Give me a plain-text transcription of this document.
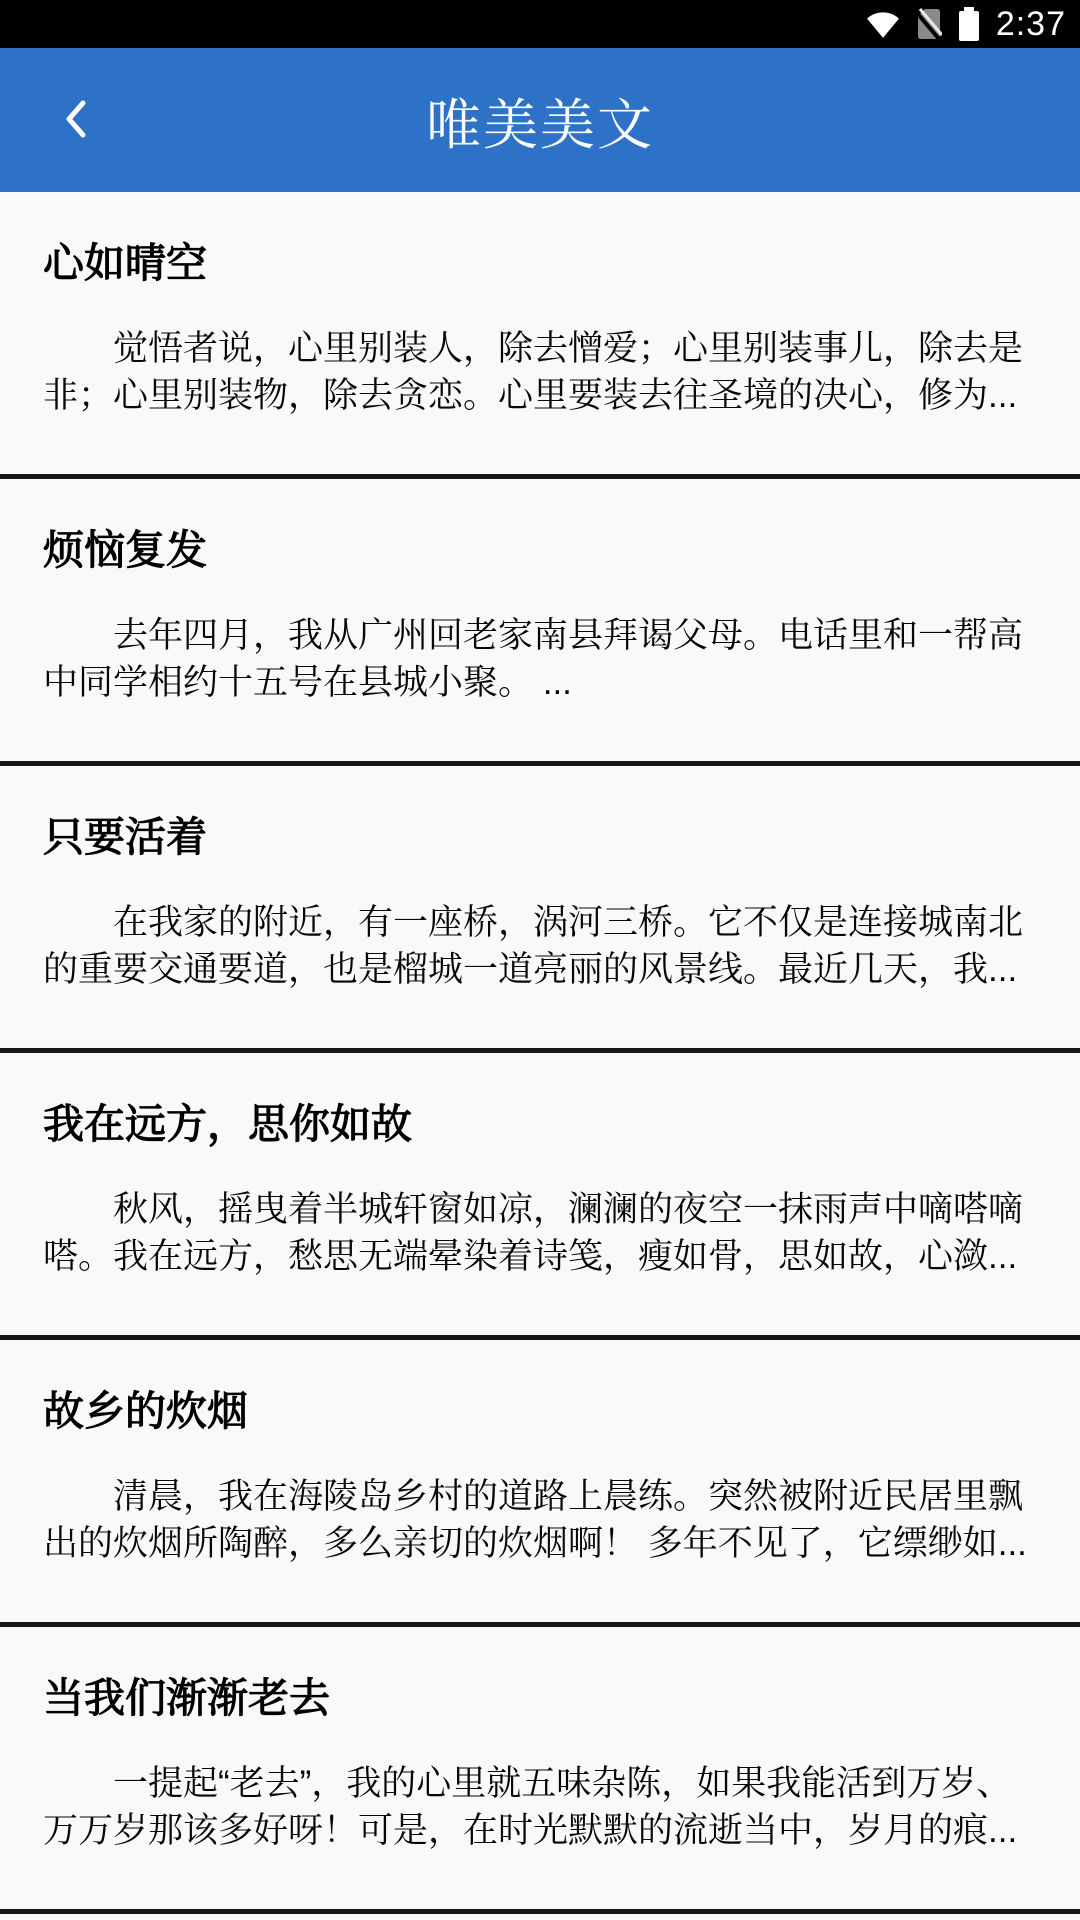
2:37
唯美美文
心如晴空
觉悟者说，心里别装人，除去憎爱；心里别装事儿，除去是非；心里别装物，除去贪恋。心里要装去往圣境的决心，修为...
烦恼复发
去年四月，我从广州回老家南县拜谒父母。电话里和一帮高中同学相约十五号在县城小聚。 ...
只要活着
在我家的附近，有一座桥，涡河三桥。它不仅是连接城南北的重要交通要道，也是榴城一道亮丽的风景线。最近几天，我...
我在远方，思你如故
秋风，摇曳着半城轩窗如凉，澜澜的夜空一抹雨声中嘀嗒嘀嗒。我在远方，愁思无端晕染着诗笺，瘦如骨，思如故，心潋...
故乡的炊烟
清晨，我在海陵岛乡村的道路上晨练。突然被附近民居里飘出的炊烟所陶醉，多么亲切的炊烟啊！ 多年不见了，它缥缈如...
当我们渐渐老去
一提起“老去”，我的心里就五味杂陈，如果我能活到万岁、万万岁那该多好呀！可是，在时光默默的流逝当中，岁月的痕...
